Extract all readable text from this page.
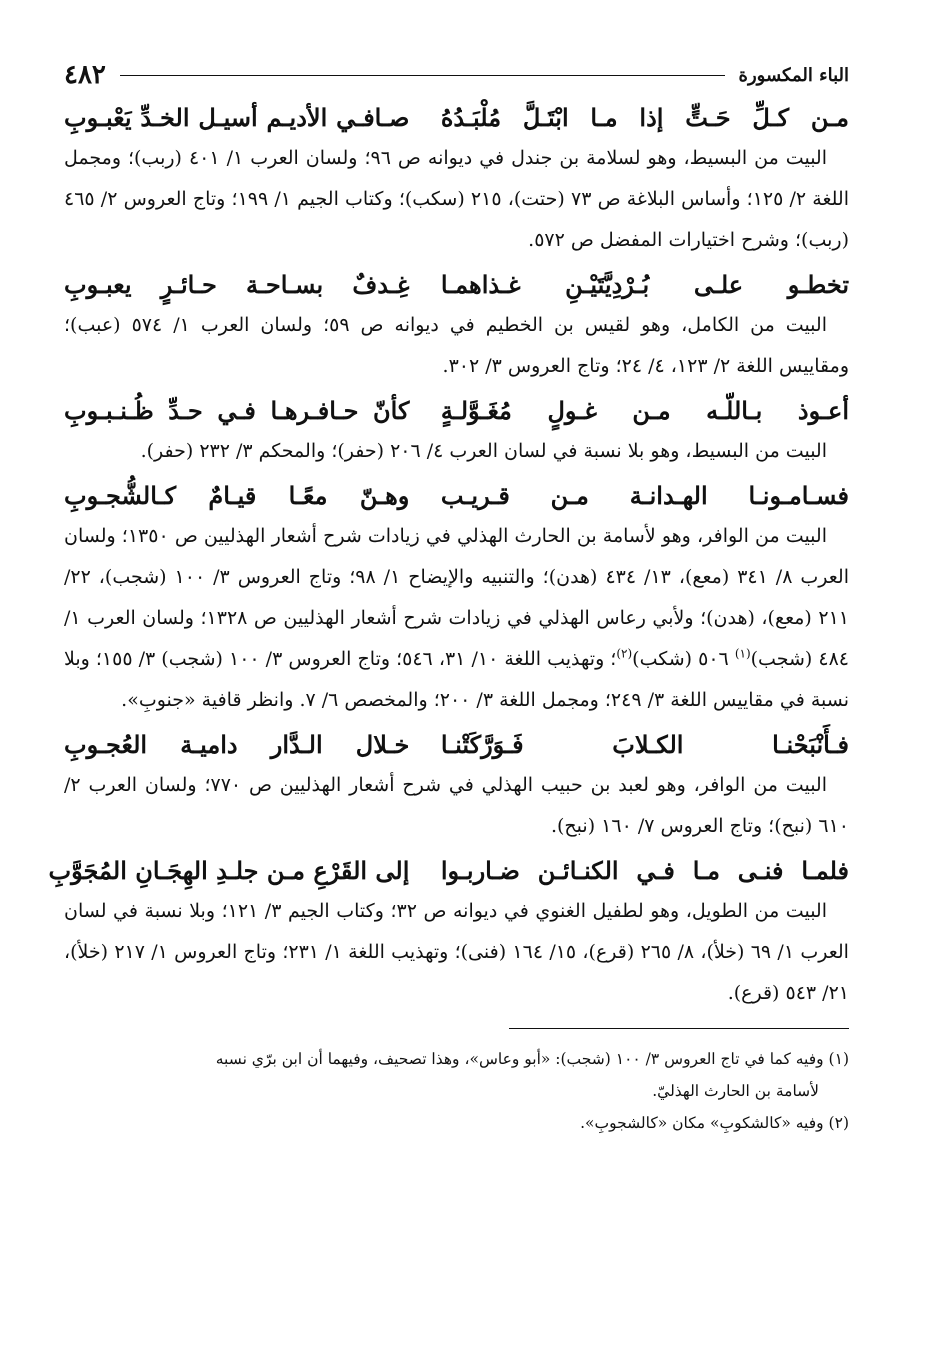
الباء المكسورة
٤٨٢
مـن كـلِّ حَـتٍّ إذا مـا ابْتَـلَّ مُلْبَـدُهُ
صـافـي الأديـم أسيـل الخـدِّ يَعْبـوبِ

البيت من البسيط، وهو لسلامة بن جندل في ديوانه ص ٩٦؛ ولسان العرب ١/ ٤٠١ (ربب)؛ ومجمل اللغة ٢/ ١٢٥؛ وأساس البلاغة ص ٧٣ (حتت)، ٢١٥ (سكب)؛ وكتاب الجيم ١/ ١٩٩؛ وتاج العروس ٢/ ٤٦٥ (ربب)؛ وشرح اختيارات المفضل ص ٥٧٢.

تخطـو علـى بُـرْدِيَّتَيْـنِ غـذاهمـا
غِـدفٌ بسـاحـة حـائـرٍ يعبـوبِ

البيت من الكامل، وهو لقيس بن الخطيم في ديوانه ص ٥٩؛ ولسان العرب ١/ ٥٧٤ (عبب)؛ ومقاييس اللغة ٢/ ١٢٣، ٤/ ٢٤؛ وتاج العروس ٣/ ٣٠٢.

أعـوذ بـاللّـه مـن غـولٍ مُغَـوَّلـةٍ
كأنّ حـافـرهـا فـي حـدِّ ظُـنـبـوبِ

البيت من البسيط، وهو بلا نسبة في لسان العرب ٤/ ٢٠٦ (حفر)؛ والمحكم ٣/ ٢٣٢ (حفر).

فسـامـونـا الهـدانـة مـن قـريـب
وهـنّ معًـا قيـامٌ كـالشُّجـوبِ

البيت من الوافر، وهو لأسامة بن الحارث الهذلي في زيادات شرح أشعار الهذليين ص ١٣٥٠؛ ولسان العرب ٨/ ٣٤١ (معع)، ١٣/ ٤٣٤ (هدن)؛ والتنبيه والإيضاح ١/ ٩٨؛ وتاج العروس ٣/ ١٠٠ (شجب)، ٢٢/ ٢١١ (معع)، (هدن)؛ ولأبي رعاس الهذلي في زيادات شرح أشعار الهذليين ص ١٣٢٨؛ ولسان العرب ١/ ٤٨٤ (شجب)$^{(١)}$ ٥٠٦ (شكب)$^{(٢)}$؛ وتهذيب اللغة ١٠/ ٣١، ٥٤٦؛ وتاج العروس ٣/ ١٠٠ (شجب) ٣/ ١٥٥؛ وبلا نسبة في مقاييس اللغة ٣/ ٢٤٩؛ ومجمل اللغة ٣/ ٢٠٠؛ والمخصص ٦/ ٧. وانظر قافية «جنوبِ».

فـأَنْبَحْنـا الكـلابَ فَـوَرَّكَتْنـا
خـلال الـدَّار داميـة العُجـوبِ

البيت من الوافر، وهو لعبد بن حبيب الهذلي في شرح أشعار الهذليين ص ٧٧٠؛ ولسان العرب ٢/ ٦١٠ (نبح)؛ وتاج العروس ٧/ ١٦٠ (نبح).

فلمـا فنـى مـا فـي الكنـائـن ضـاربـوا
إلى القَرْعِ مـن جلـدِ الهِجَـانِ المُجَوَّبِ

البيت من الطويل، وهو لطفيل الغنوي في ديوانه ص ٣٢؛ وكتاب الجيم ٣/ ١٢١؛ وبلا نسبة في لسان العرب ١/ ٦٩ (خلأ)، ٨/ ٢٦٥ (قرع)، ١٥/ ١٦٤ (فنى)؛ وتهذيب اللغة ١/ ٢٣١؛ وتاج العروس ١/ ٢١٧ (خلأ)، ٢١/ ٥٤٣ (قرع).

(١) وفيه كما في تاج العروس ٣/ ١٠٠ (شجب): «أبو وعاس»، وهذا تصحيف، وفيهما أن ابن برّي نسبه
لأسامة بن الحارث الهذليّ.

(٢) وفيه «كالشكوبِ» مكان «كالشجوبِ».
